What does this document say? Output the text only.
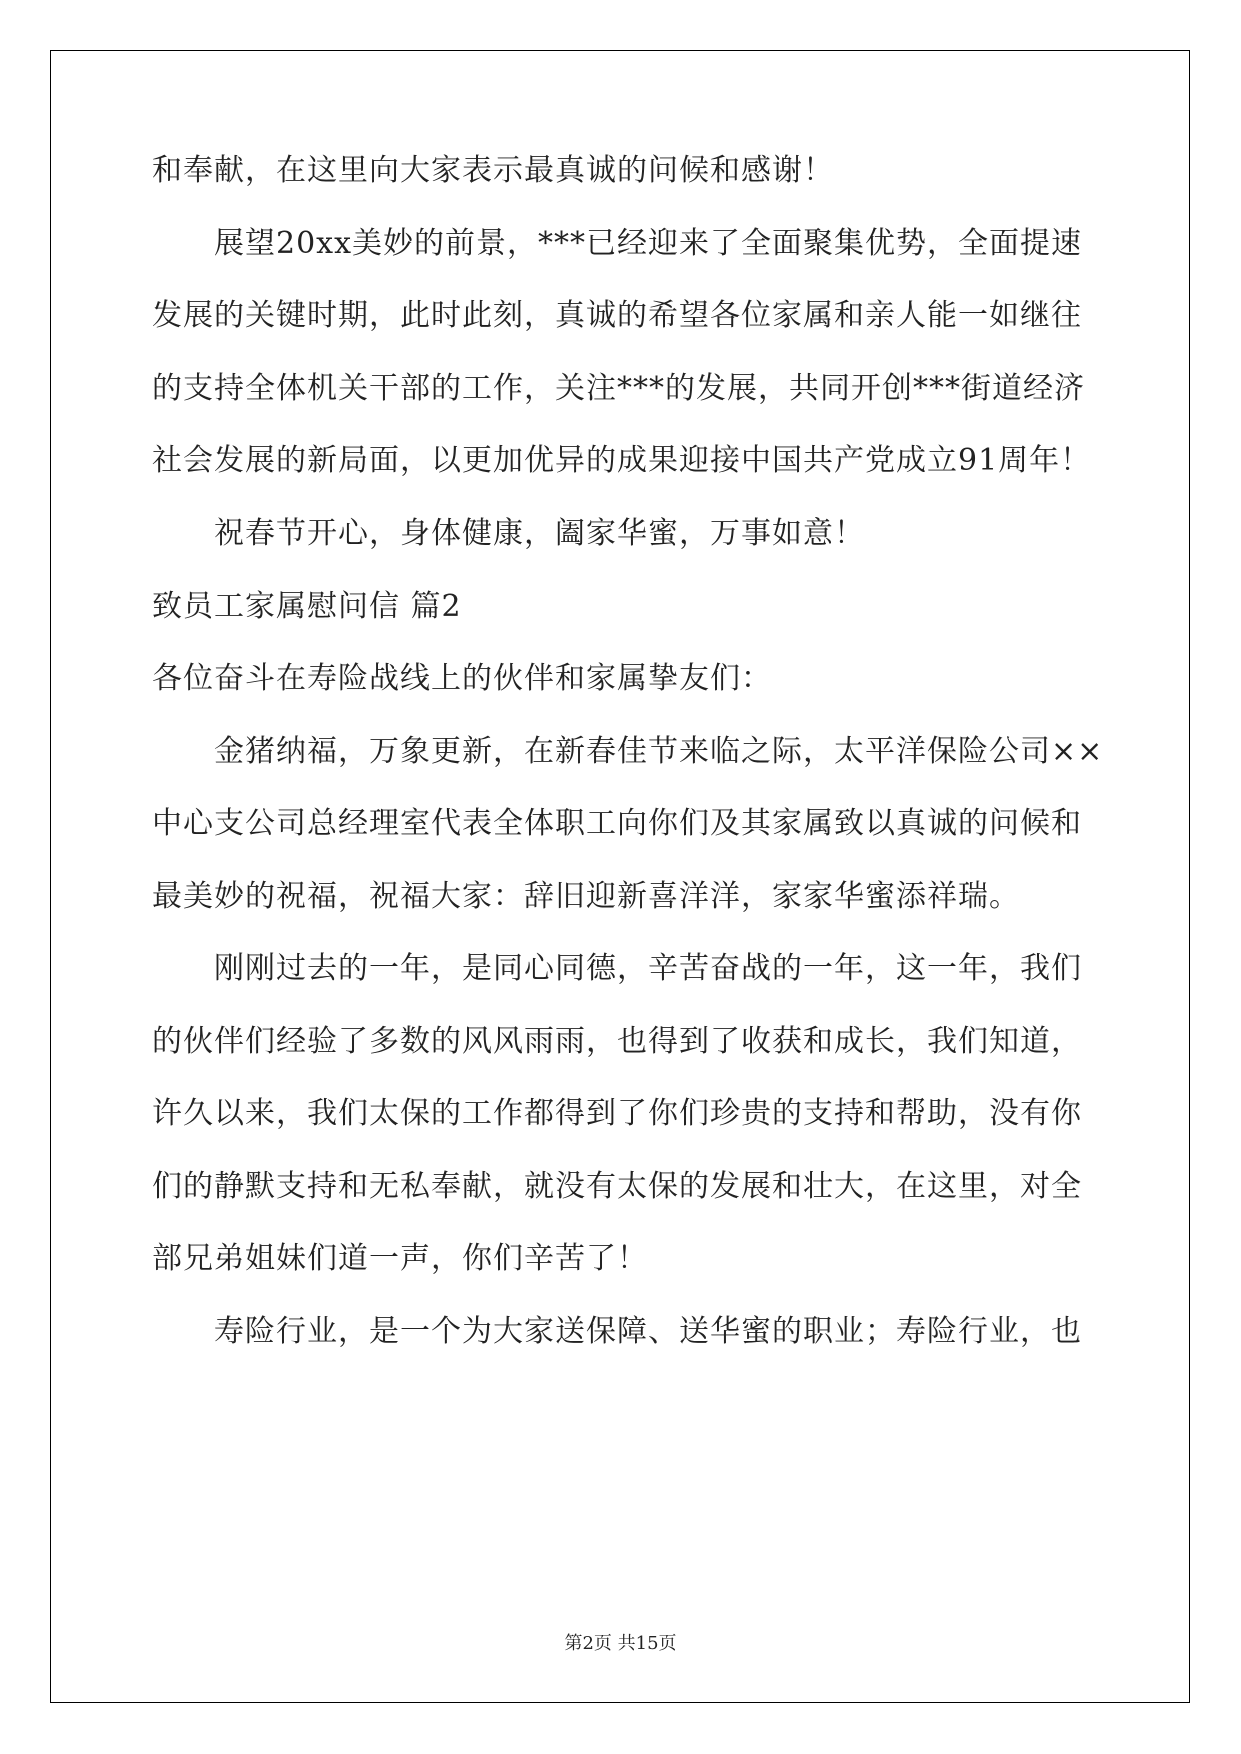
和奉献，在这里向大家表示最真诚的问候和感谢！
展望20xx美妙的前景，***已经迎来了全面聚集优势，全面提速
发展的关键时期，此时此刻，真诚的希望各位家属和亲人能一如继往
的支持全体机关干部的工作，关注***的发展，共同开创***街道经济
社会发展的新局面，以更加优异的成果迎接中国共产党成立91周年！
祝春节开心，身体健康，阖家华蜜，万事如意！
致员工家属慰问信 篇2
各位奋斗在寿险战线上的伙伴和家属挚友们：
金猪纳福，万象更新，在新春佳节来临之际，太平洋保险公司××
中心支公司总经理室代表全体职工向你们及其家属致以真诚的问候和
最美妙的祝福，祝福大家：辞旧迎新喜洋洋，家家华蜜添祥瑞。
刚刚过去的一年，是同心同德，辛苦奋战的一年，这一年，我们
的伙伴们经验了多数的风风雨雨，也得到了收获和成长，我们知道，
许久以来，我们太保的工作都得到了你们珍贵的支持和帮助，没有你
们的静默支持和无私奉献，就没有太保的发展和壮大，在这里，对全
部兄弟姐妹们道一声，你们辛苦了！
寿险行业，是一个为大家送保障、送华蜜的职业；寿险行业，也
第2页 共15页
